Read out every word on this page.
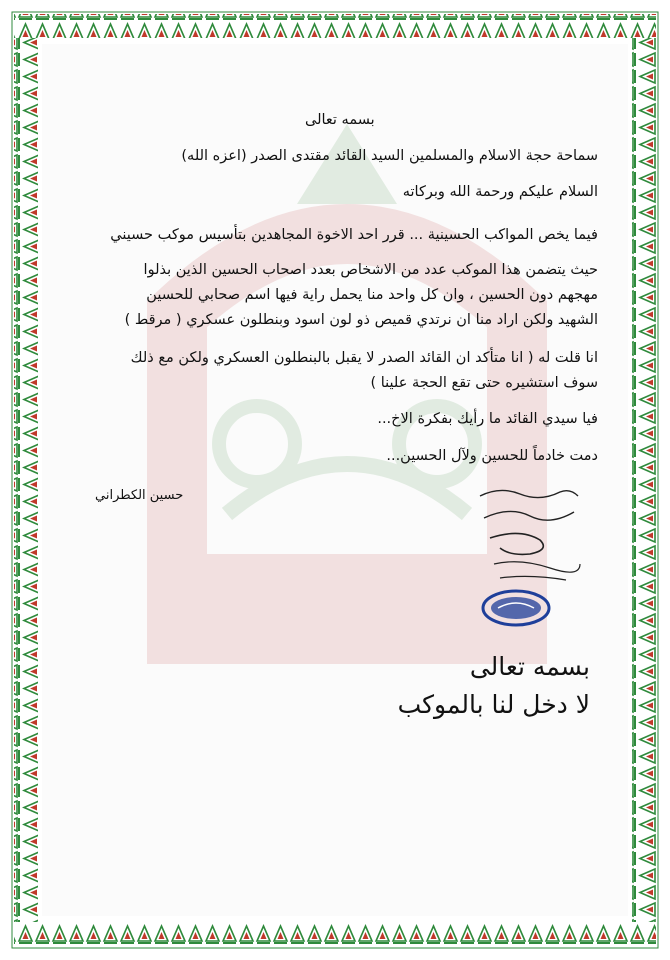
بسمه تعالى
سماحة حجة الاسلام والمسلمين السيد القائد مقتدى الصدر (اعزه الله)
السلام عليكم ورحمة الله وبركاته
فيما يخص المواكب الحسينية ... قرر احد الاخوة المجاهدين بتأسيس موكب حسيني
حيث يتضمن هذا الموكب عدد من الاشخاص بعدد اصحاب الحسين الذين بذلوا
مهجهم دون الحسين ، وان كل واحد منا يحمل راية فيها اسم صحابي للحسين
الشهيد ولكن اراد منا ان نرتدي قميص ذو لون اسود وبنطلون عسكري ( مرقط )
انا قلت له ( انا متأكد ان القائد الصدر لا يقبل بالبنطلون العسكري ولكن مع ذلك
سوف استشيره حتى تقع الحجة علينا )
فيا سيدي القائد ما رأيك بفكرة الاخ...
دمت خادماً للحسين ولآل الحسين...
حسين الكطراني
بسمه تعالى
لا دخل لنا بالموكب
